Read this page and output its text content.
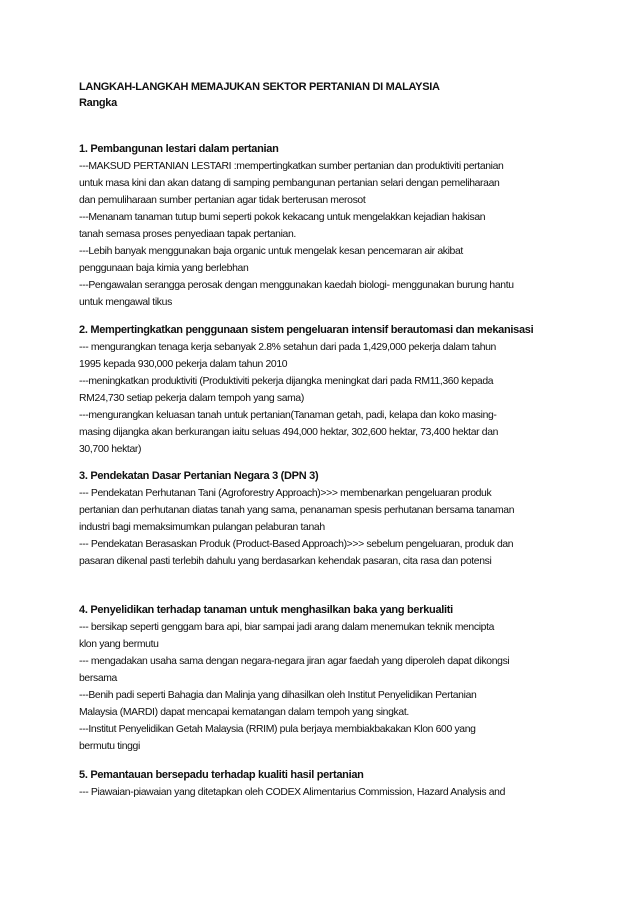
LANGKAH-LANGKAH MEMAJUKAN SEKTOR PERTANIAN DI MALAYSIA
Rangka
1. Pembangunan lestari dalam pertanian
---MAKSUD PERTANIAN LESTARI :mempertingkatkan sumber pertanian dan produktiviti pertanian
untuk masa kini dan akan datang di samping pembangunan pertanian selari dengan pemeliharaan
dan pemuliharaan sumber pertanian agar tidak berterusan merosot
---Menanam tanaman tutup bumi seperti pokok kekacang untuk mengelakkan kejadian hakisan
tanah semasa proses penyediaan tapak pertanian.
---Lebih banyak menggunakan baja organic untuk mengelak kesan pencemaran air akibat
penggunaan baja kimia yang berlebhan
---Pengawalan serangga perosak dengan menggunakan kaedah biologi- menggunakan burung hantu
untuk mengawal tikus
2. Mempertingkatkan penggunaan sistem pengeluaran intensif berautomasi dan mekanisasi
--- mengurangkan tenaga kerja sebanyak 2.8% setahun dari pada 1,429,000 pekerja dalam tahun
1995 kepada 930,000 pekerja dalam tahun 2010
---meningkatkan produktiviti (Produktiviti pekerja dijangka meningkat dari pada RM11,360 kepada
RM24,730 setiap pekerja dalam tempoh yang sama)
---mengurangkan keluasan tanah untuk pertanian(Tanaman getah, padi, kelapa dan koko masing-
masing dijangka akan berkurangan iaitu seluas 494,000 hektar, 302,600 hektar, 73,400 hektar dan
30,700 hektar)
3. Pendekatan Dasar Pertanian Negara 3 (DPN 3)
--- Pendekatan Perhutanan Tani (Agroforestry Approach)>>> membenarkan pengeluaran produk
pertanian dan perhutanan diatas tanah yang sama, penanaman spesis perhutanan bersama tanaman
industri bagi memaksimumkan pulangan pelaburan tanah
--- Pendekatan Berasaskan Produk (Product-Based Approach)>>> sebelum pengeluaran, produk dan
pasaran dikenal pasti terlebih dahulu yang berdasarkan kehendak pasaran, cita rasa dan potensi
4. Penyelidikan terhadap tanaman untuk menghasilkan baka yang berkualiti
--- bersikap seperti genggam bara api, biar sampai jadi arang dalam menemukan teknik mencipta
klon yang bermutu
--- mengadakan usaha sama dengan negara-negara jiran agar faedah yang diperoleh dapat dikongsi
bersama
---Benih padi seperti Bahagia dan Malinja yang dihasilkan oleh Institut Penyelidikan Pertanian
Malaysia (MARDI) dapat mencapai kematangan dalam tempoh yang singkat.
---Institut Penyelidikan Getah Malaysia (RRIM) pula berjaya membiakbakakan Klon 600 yang
bermutu tinggi
5. Pemantauan bersepadu terhadap kualiti hasil pertanian
--- Piawaian-piawaian yang ditetapkan oleh CODEX Alimentarius Commission, Hazard Analysis and
